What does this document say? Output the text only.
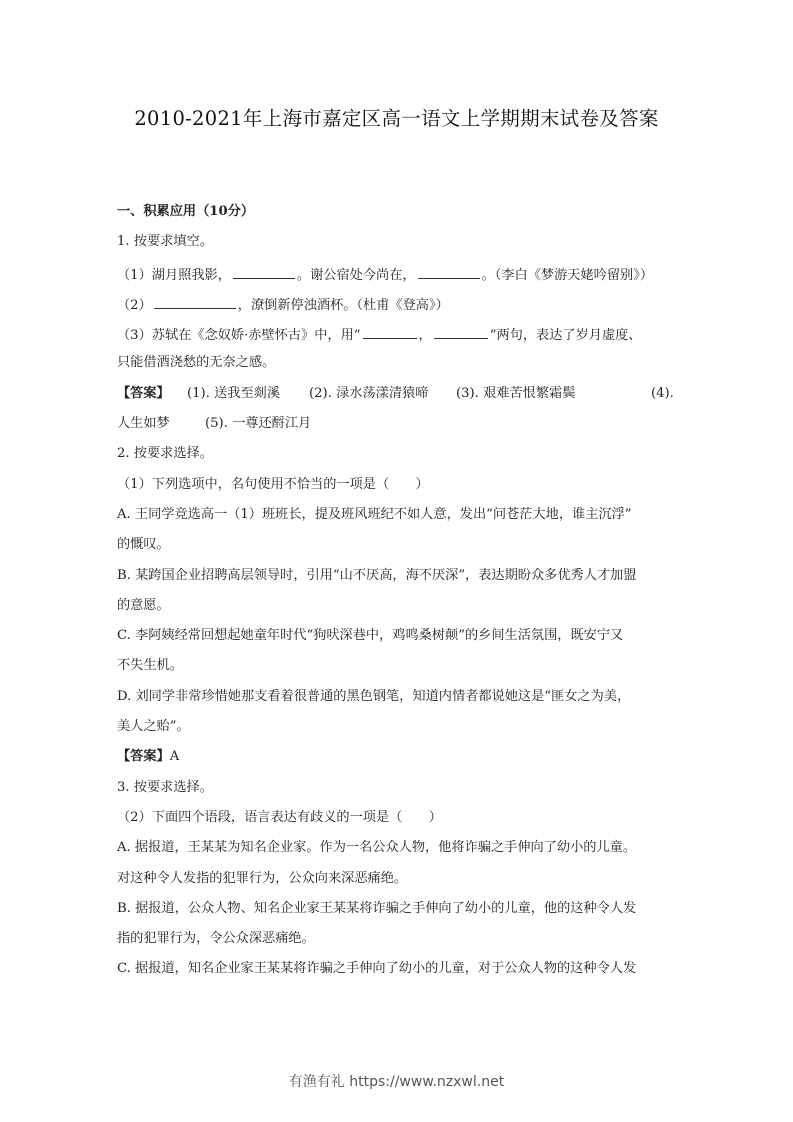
2010-2021年上海市嘉定区高一语文上学期期末试卷及答案
一、积累应用（10分）
1. 按要求填空。
（1）湖月照我影，	。谢公宿处今尚在，	。（李白《梦游天姥吟留别》）
（2）	，潦倒新停浊酒杯。（杜甫《登高》）
（3）苏轼在《念奴娇·赤壁怀古》中，用“	，	”两句，表达了岁月虚度、
只能借酒浇愁的无奈之感。
【答案】 (1). 送我至剡溪 (2). 渌水荡漾清猿啼 (3). 艰难苦恨繁霜鬓	(4).
人生如梦	(5). 一尊还酹江月
2. 按要求选择。
（1）下列选项中，名句使用不恰当的一项是（　　）
A. 王同学竞选高一（1）班班长，提及班风班纪不如人意，发出“问苍茫大地，谁主沉浮”
的慨叹。
B. 某跨国企业招聘高层领导时，引用“山不厌高，海不厌深”，表达期盼众多优秀人才加盟
的意愿。
C. 李阿姨经常回想起她童年时代“狗吠深巷中，鸡鸣桑树颠”的乡间生活氛围，既安宁又
不失生机。
D. 刘同学非常珍惜她那支看着很普通的黑色钢笔，知道内情者都说她这是“匪女之为美，
美人之贻”。
【答案】A
3. 按要求选择。
（2）下面四个语段，语言表达有歧义的一项是（　　）
A. 据报道，王某某为知名企业家。作为一名公众人物，他将诈骗之手伸向了幼小的儿童。
对这种令人发指的犯罪行为，公众向来深恶痛绝。
B. 据报道，公众人物、知名企业家王某某将诈骗之手伸向了幼小的儿童，他的这种令人发
指的犯罪行为，令公众深恶痛绝。
C. 据报道，知名企业家王某某将诈骗之手伸向了幼小的儿童，对于公众人物的这种令人发
有渔有礼 https://www.nzxwl.net
